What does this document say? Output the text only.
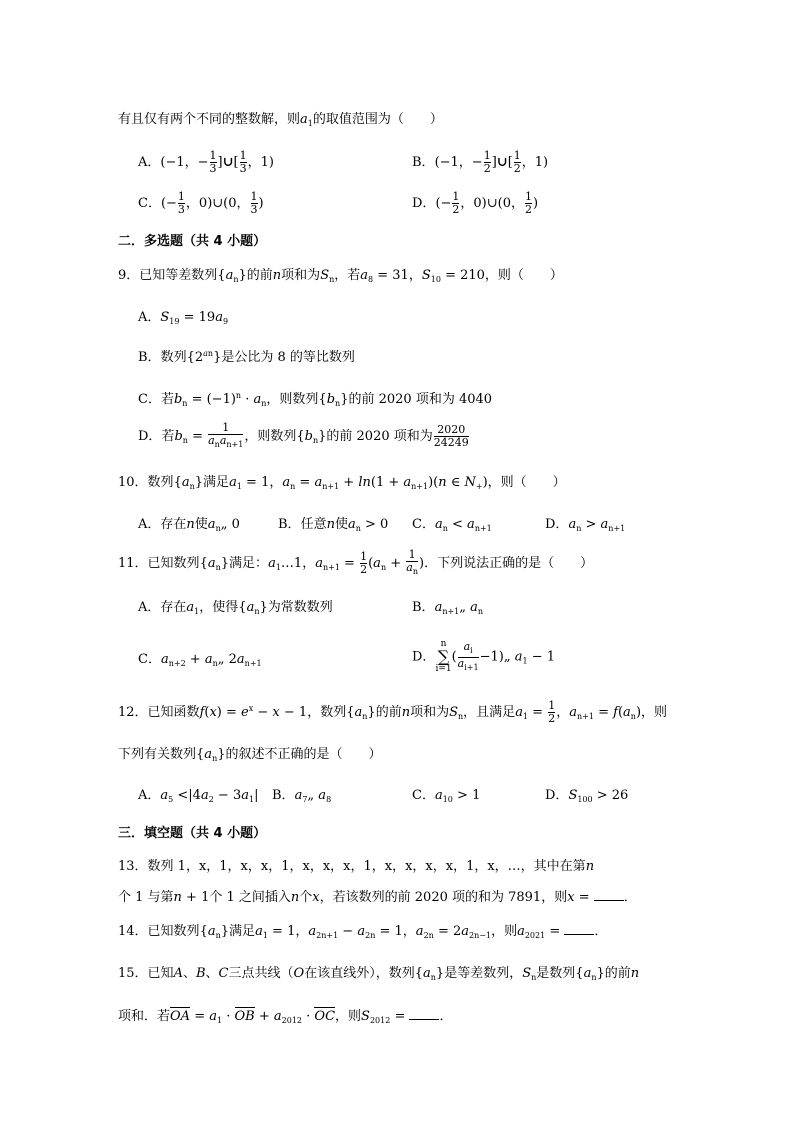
有且仅有两个不同的整数解，则$a_1$的取值范围为（　　）
A．(−1，− $\frac{1}{3}$ ]∪[ $\frac{1}{3}$ ，1)	B．(−1，− $\frac{1}{2}$ ]∪[ $\frac{1}{2}$ ，1)
C．(− $\frac{1}{3}$ ，0)∪(0， $\frac{1}{3}$ )	D．(− $\frac{1}{2}$ ，0)∪(0， $\frac{1}{2}$ )
二．多选题（共 4 小题）
9．已知等差数列$\{a_n\}$的前n项和为$S_n$，若$a_8 = 31$，$S_{10} = 210$，则（　　）
A．$S_{19} = 19a_9$
B．数列$\{2^{an}\}$是公比为 8 的等比数列
C．若$b_n = (-1)^n \cdot a_n$，则数列$\{b_n\}$的前 2020 项和为 4040
D．若$b_n = \frac{1}{a_na_{n+1}}$ ，则数列$\{b_n\}$的前 2020 项和为 $\frac{2020}{24249}$
10．数列$\{a_n\}$满足$a_1 = 1$，$a_n = a_{n+1} + \ln(1 + a_{n+1})(n$ ∈ $N_+$)，则（　　）
A．存在n使$a_n„$ 0	B．任意n使$a_n > 0$ C．$a_n < a_{n+1}$	D．$a_n > a_{n+1}$
11．已知数列$\{a_n\}$满足：$a_1\dots 1$，$a_{n+1} = \frac{1}{2} (a_n + \frac{1}{a_n}$ )．下列说法正确的是（　　）
A．存在$a_1$，使得$\{a_n\}$为常数数列	B．$a_{n+1}„$ $a_n$
C．$a_{n+2}$ + $a_n„$ $2a_{n+1}$	D．n
∑
$i=1( \frac{a_i}{a_{i+1}}$ −1)„ $a_1 - 1$
12．已知函数$f(x) = e^x - x - 1$，数列$\{a_n\}$的前n项和为$S_n$，且满足$a_1 = \frac{1}{2}$ ，$a_{n+1} = f(a_n)$，则
下列有关数列$\{a_n\}$的叙述不正确的是（　　）
A．$a_5 <|4a_2 - 3a_1|$ B．$a_7„$ $a_8$	C．$a_{10} > 1$	D．$S_{100} > 26$
三．填空题（共 4 小题）
13．数列 1，x，1，x，x，1，x，x，x，1，x，x，x，x，1，x，…，其中在第n
个 1 与第n + 1个 1 之间插入n个x，若该数列的前 2020 项的和为 7891，则x = ．
14．已知数列$\{a_n\}$满足$a_1 = 1$，$a_{2n+1} - a_{2n} = 1$，$a_{2n} = 2a_{2n-1}$，则$a_{2021}$ = ．
15．已知A、B、C三点共线（O在该直线外），数列$\{a_n\}$是等差数列，$S_n$是数列$\{a_n\}$的前n
项和．若OA = $a_1$ · OB + $a_{2012}$ · OC，则$S_{2012}$ = ．
